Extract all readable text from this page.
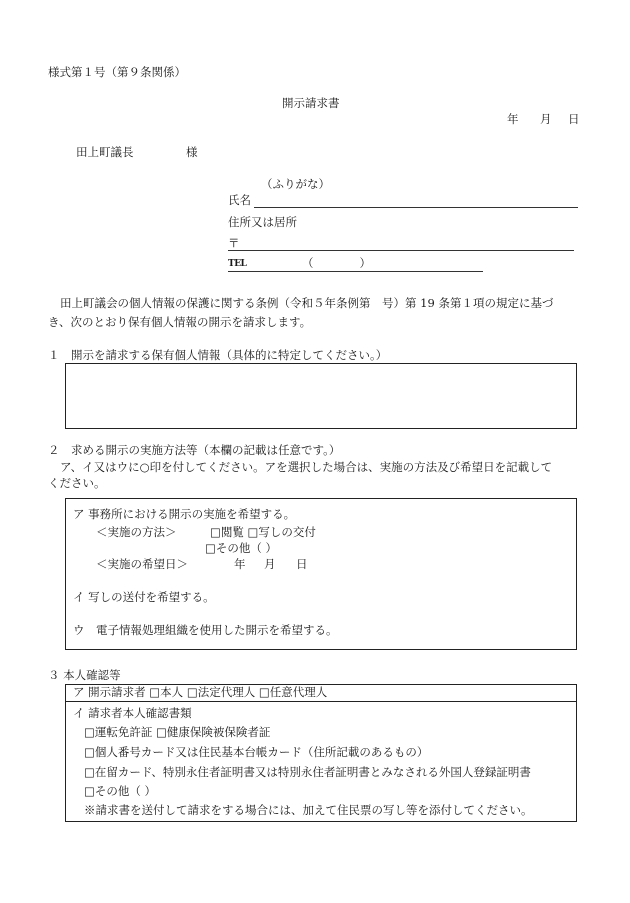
様式第１号（第９条関係）
開示請求書
年 月 日
田上町議長	様
（ふりがな）
氏名
住所又は居所
〒
TEL	（　　　　）
田上町議会の個人情報の保護に関する条例（令和５年条例第　号）第 19 条第１項の規定に基づ
き、次のとおり保有個人情報の開示を請求します。
１　開示を請求する保有個人情報（具体的に特定してください。）
２　求める開示の実施方法等（本欄の記載は任意です。）
ア、イ又はウに○印を付してください。アを選択した場合は、実施の方法及び希望日を記載して
ください。
ア 事務所における開示の実施を希望する。
＜実施の方法＞	□閲覧 □写しの交付
□その他（ ）
＜実施の希望日＞	年 月 日
イ 写しの送付を希望する。
ウ　電子情報処理組織を使用した開示を希望する。
３ 本人確認等
ア 開示請求者 □本人 □法定代理人 □任意代理人
イ 請求者本人確認書類
□運転免許証 □健康保険被保険者証
□個人番号カード又は住民基本台帳カード（住所記載のあるもの）
□在留カード、特別永住者証明書又は特別永住者証明書とみなされる外国人登録証明書
□その他（ ）
※請求書を送付して請求をする場合には、加えて住民票の写し等を添付してください。
